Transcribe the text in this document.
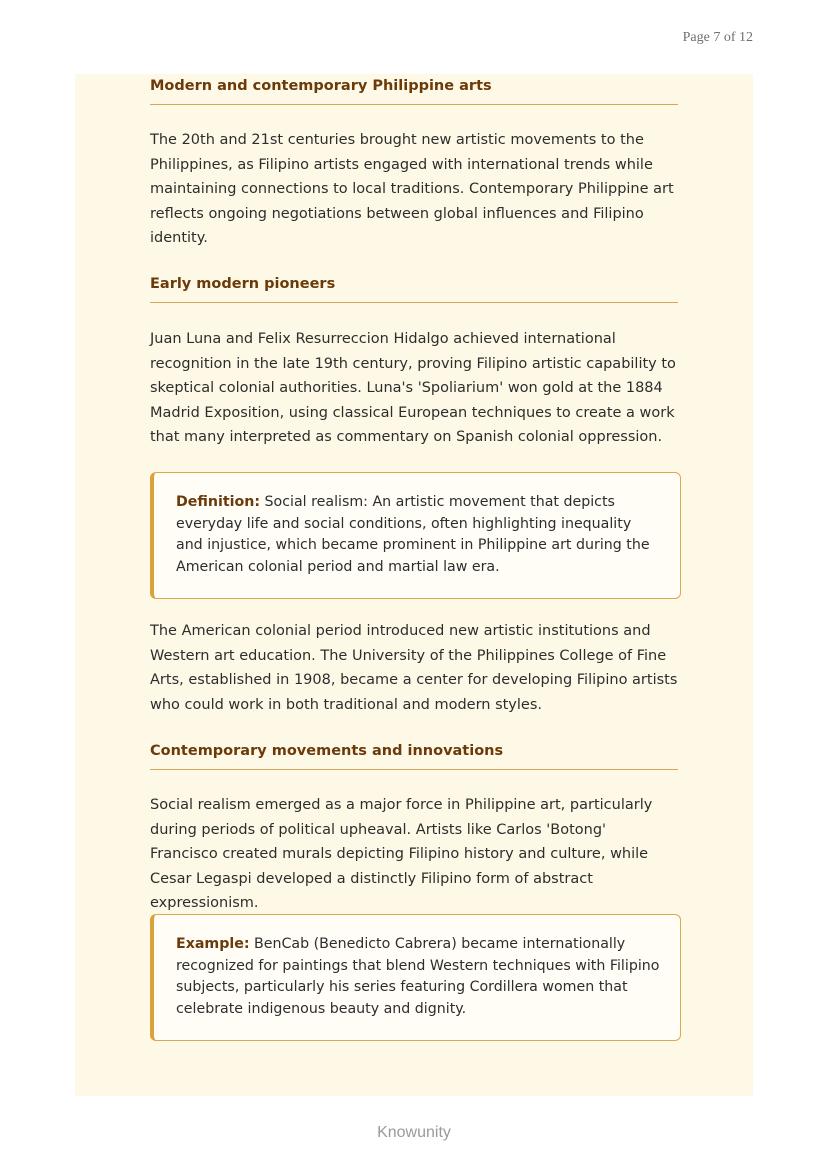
Page 7 of 12
Modern and contemporary Philippine arts

The 20th and 21st centuries brought new artistic movements to the Philippines, as Filipino artists engaged with international trends while maintaining connections to local traditions. Contemporary Philippine art reflects ongoing negotiations between global influences and Filipino identity.

Early modern pioneers

Juan Luna and Felix Resurreccion Hidalgo achieved international recognition in the late 19th century, proving Filipino artistic capability to skeptical colonial authorities. Luna's 'Spoliarium' won gold at the 1884 Madrid Exposition, using classical European techniques to create a work that many interpreted as commentary on Spanish colonial oppression.

Definition: Social realism: An artistic movement that depicts everyday life and social conditions, often highlighting inequality and injustice, which became prominent in Philippine art during the American colonial period and martial law era.

The American colonial period introduced new artistic institutions and Western art education. The University of the Philippines College of Fine Arts, established in 1908, became a center for developing Filipino artists who could work in both traditional and modern styles.

Contemporary movements and innovations

Social realism emerged as a major force in Philippine art, particularly during periods of political upheaval. Artists like Carlos 'Botong' Francisco created murals depicting Filipino history and culture, while Cesar Legaspi developed a distinctly Filipino form of abstract expressionism.

Example: BenCab (Benedicto Cabrera) became internationally recognized for paintings that blend Western techniques with Filipino subjects, particularly his series featuring Cordillera women that celebrate indigenous beauty and dignity.
Knowunity
